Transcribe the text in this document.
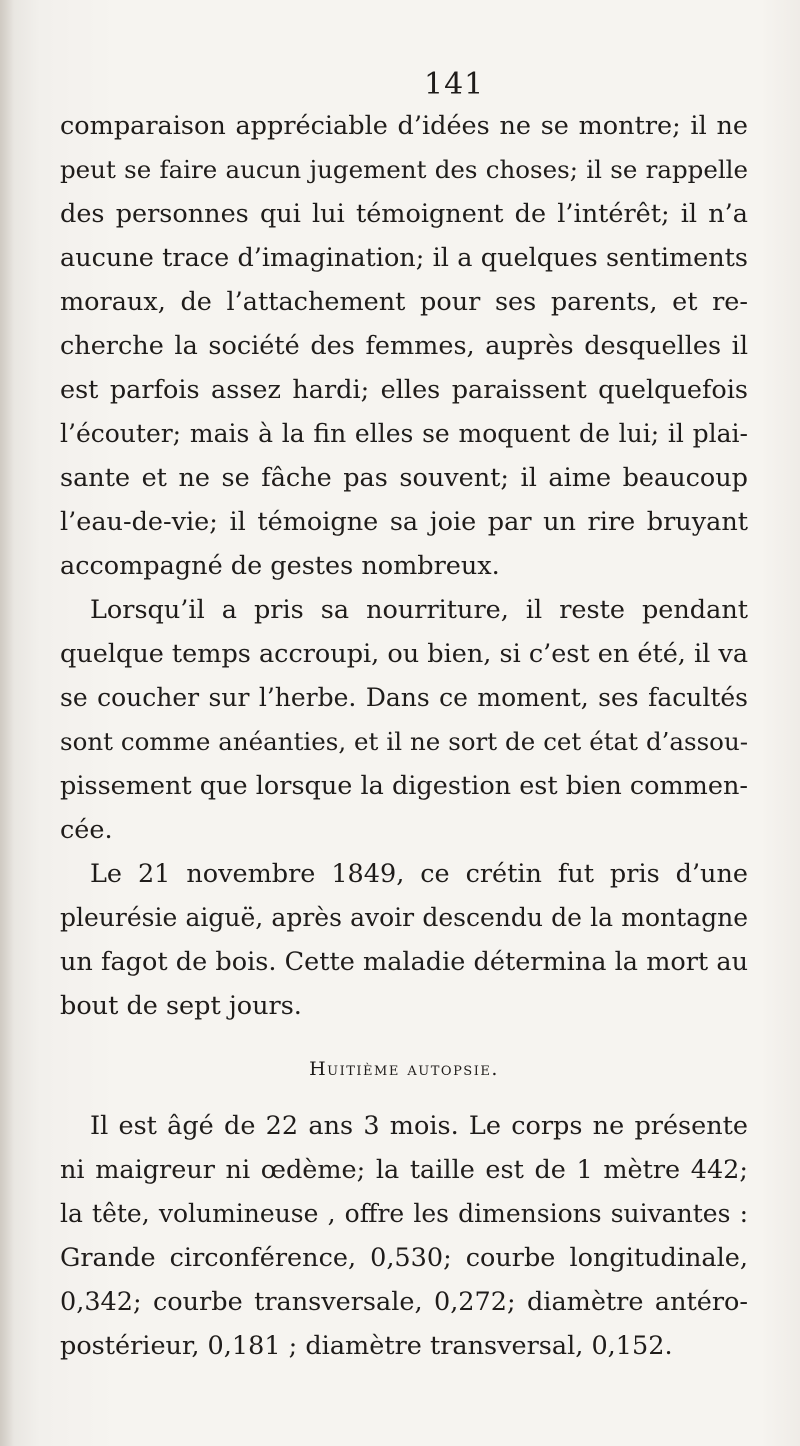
141
comparaison appréciable d’idées ne se montre; il ne
peut se faire aucun jugement des choses; il se rappelle
des personnes qui lui témoignent de l’intérêt; il n’a
aucune trace d’imagination; il a quelques sentiments
moraux, de l’attachement pour ses parents, et re-
cherche la société des femmes, auprès desquelles il
est parfois assez hardi; elles paraissent quelquefois
l’écouter; mais à la fin elles se moquent de lui; il plai-
sante et ne se fâche pas souvent; il aime beaucoup
l’eau-de-vie; il témoigne sa joie par un rire bruyant
accompagné de gestes nombreux.
Lorsqu’il a pris sa nourriture, il reste pendant
quelque temps accroupi, ou bien, si c’est en été, il va
se coucher sur l’herbe. Dans ce moment, ses facultés
sont comme anéanties, et il ne sort de cet état d’assou-
pissement que lorsque la digestion est bien commen-
cée.
Le 21 novembre 1849, ce crétin fut pris d’une
pleurésie aiguë, après avoir descendu de la montagne
un fagot de bois. Cette maladie détermina la mort au
bout de sept jours.
Huitième autopsie.
Il est âgé de 22 ans 3 mois. Le corps ne présente
ni maigreur ni œdème; la taille est de 1 mètre 442;
la tête, volumineuse , offre les dimensions suivantes :
Grande circonférence, 0,530; courbe longitudinale,
0,342; courbe transversale, 0,272; diamètre antéro-
postérieur, 0,181 ; diamètre transversal, 0,152.
